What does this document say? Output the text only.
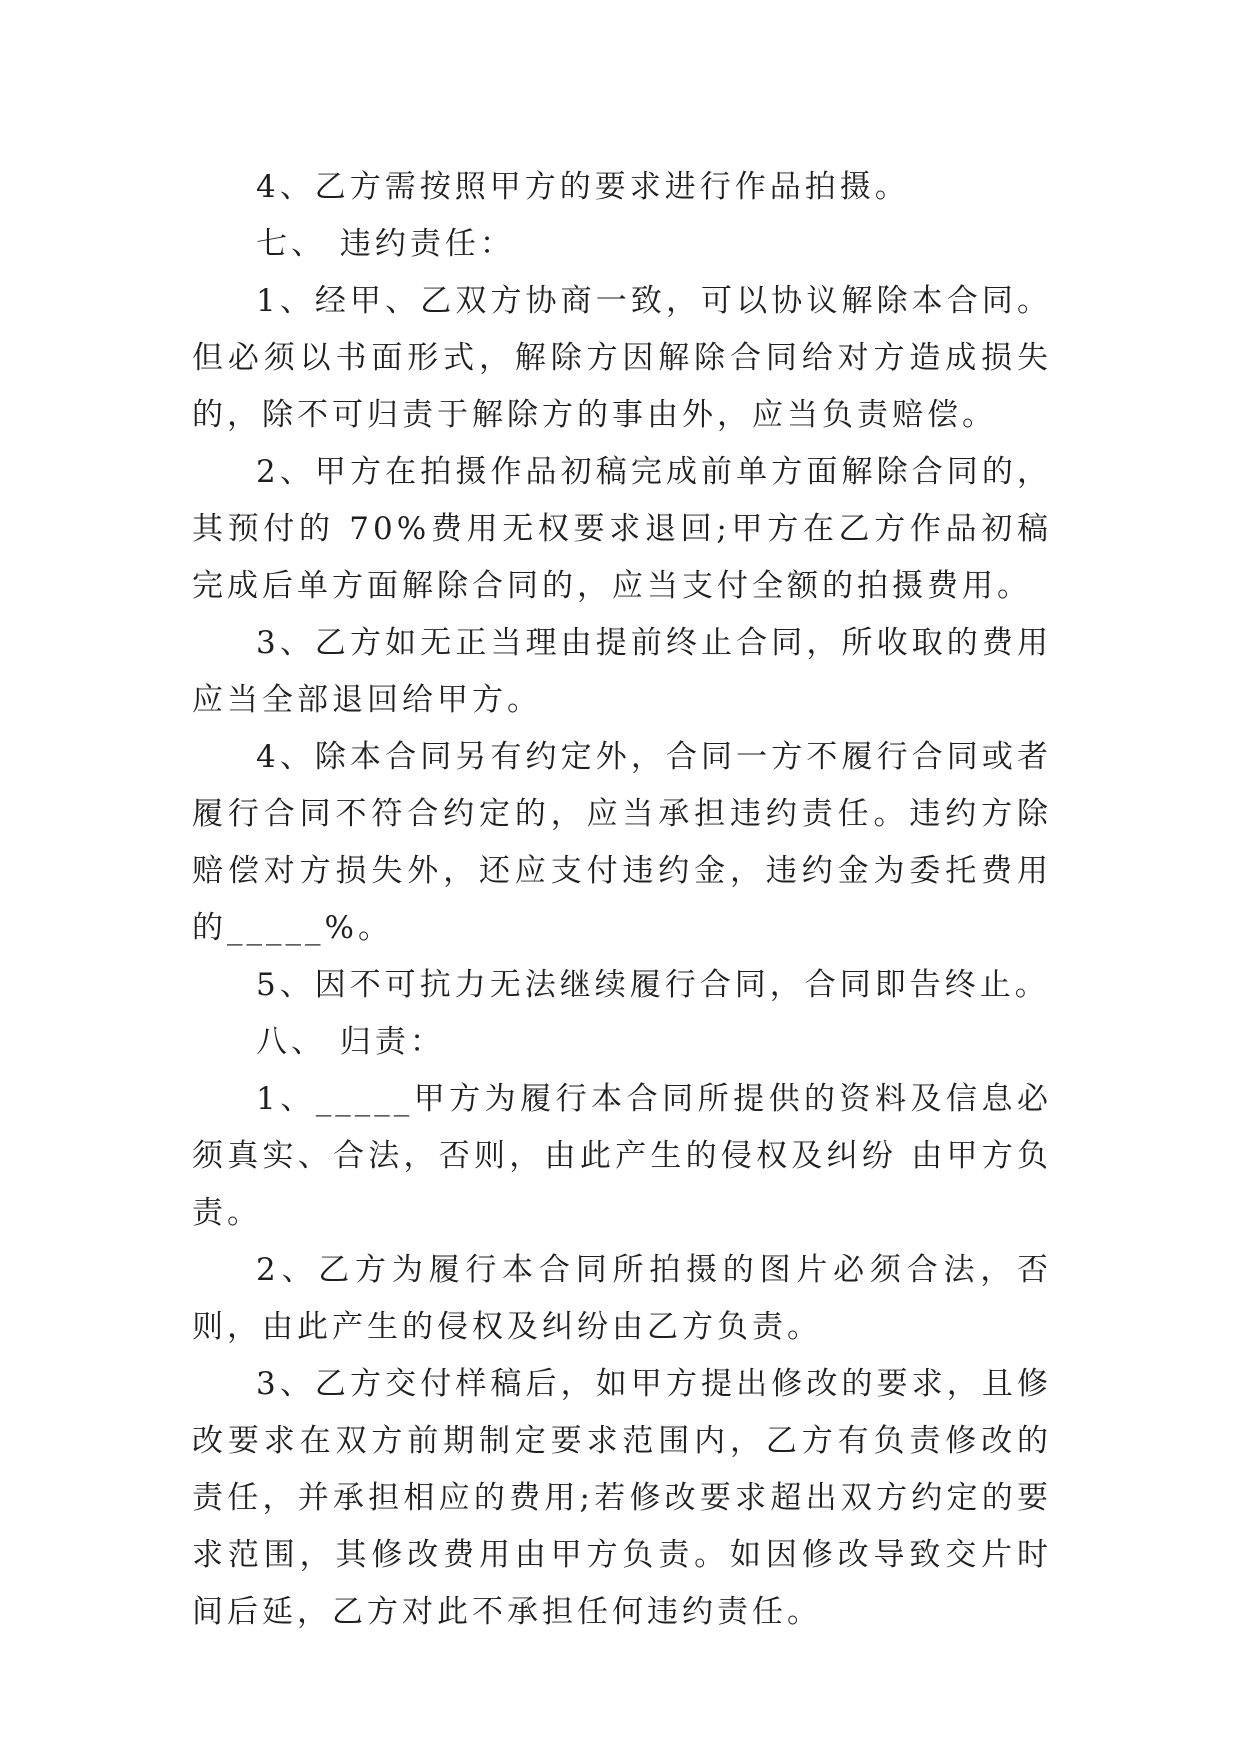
4、乙方需按照甲方的要求进行作品拍摄。

七、 违约责任：

1、经甲、乙双方协商一致，可以协议解除本合同。但必须以书面形式，解除方因解除合同给对方造成损失的，除不可归责于解除方的事由外，应当负责赔偿。

2、甲方在拍摄作品初稿完成前单方面解除合同的，其预付的 70%费用无权要求退回;甲方在乙方作品初稿完成后单方面解除合同的，应当支付全额的拍摄费用。

3、乙方如无正当理由提前终止合同，所收取的费用应当全部退回给甲方。

4、除本合同另有约定外，合同一方不履行合同或者履行合同不符合约定的，应当承担违约责任。违约方除赔偿对方损失外，还应支付违约金，违约金为委托费用的_____%。

5、因不可抗力无法继续履行合同，合同即告终止。

八、 归责：

1、_____甲方为履行本合同所提供的资料及信息必须真实、合法，否则，由此产生的侵权及纠纷 由甲方负责。

2、乙方为履行本合同所拍摄的图片必须合法，否则，由此产生的侵权及纠纷由乙方负责。

3、乙方交付样稿后，如甲方提出修改的要求，且修改要求在双方前期制定要求范围内，乙方有负责修改的责任，并承担相应的费用;若修改要求超出双方约定的要求范围，其修改费用由甲方负责。如因修改导致交片时间后延，乙方对此不承担任何违约责任。
